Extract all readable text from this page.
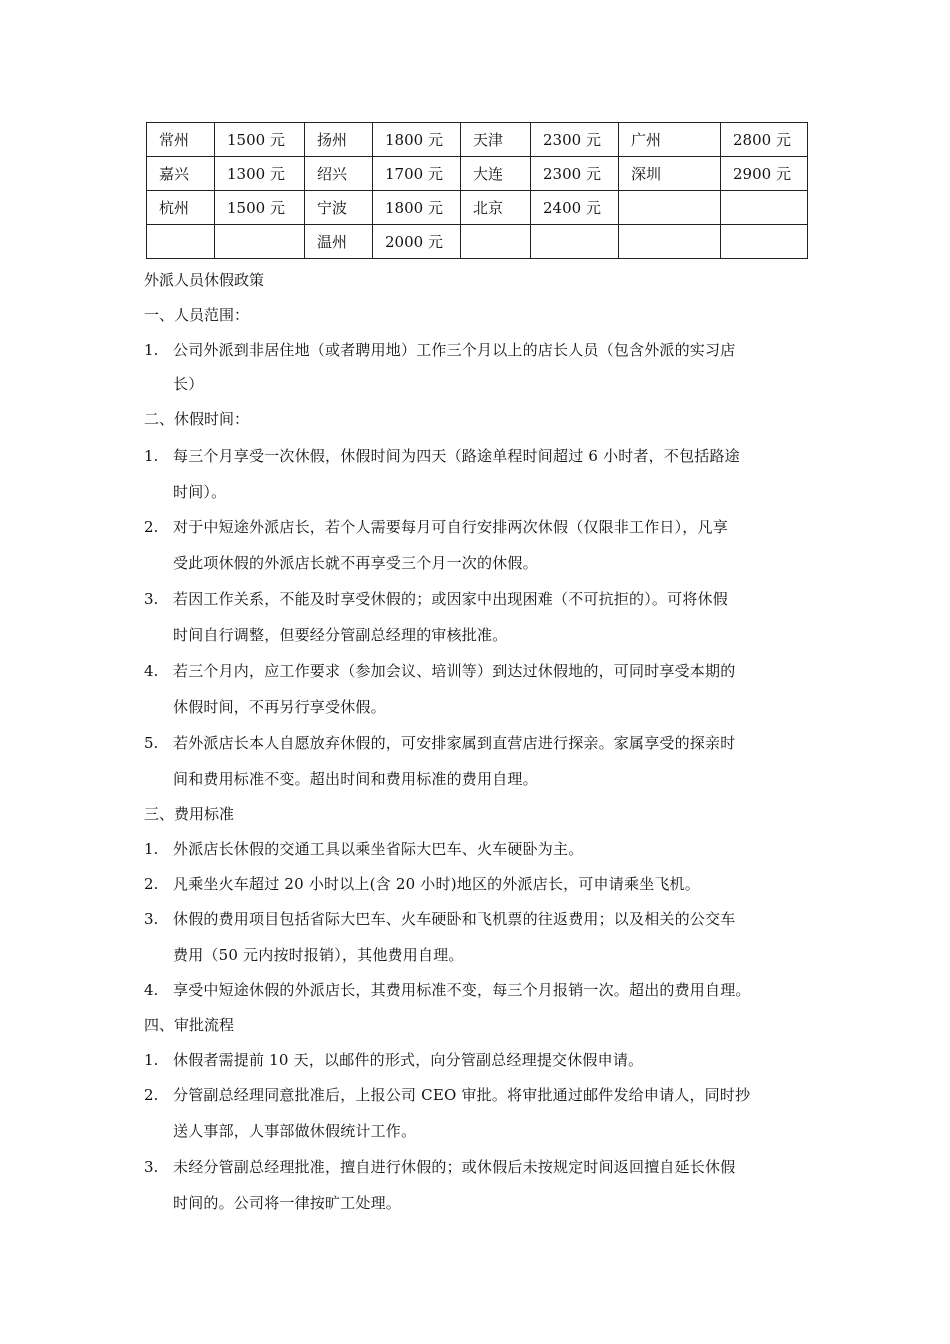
常州	1500 元	扬州	1800 元	天津	2300 元	广州	2800 元
嘉兴	1300 元	绍兴	1700 元	大连	2300 元	深圳	2900 元
杭州	1500 元	宁波	1800 元	北京	2400 元		
		温州	2000 元				
外派人员休假政策
一、人员范围：
1. 公司外派到非居住地（或者聘用地）工作三个月以上的店长人员（包含外派的实习店
长）
二、休假时间：
1. 每三个月享受一次休假，休假时间为四天（路途单程时间超过 6 小时者，不包括路途
时间）。
2. 对于中短途外派店长，若个人需要每月可自行安排两次休假（仅限非工作日），凡享
受此项休假的外派店长就不再享受三个月一次的休假。
3. 若因工作关系，不能及时享受休假的；或因家中出现困难（不可抗拒的）。可将休假
时间自行调整，但要经分管副总经理的审核批准。
4. 若三个月内，应工作要求（参加会议、培训等）到达过休假地的，可同时享受本期的
休假时间，不再另行享受休假。
5. 若外派店长本人自愿放弃休假的，可安排家属到直营店进行探亲。家属享受的探亲时
间和费用标准不变。超出时间和费用标准的费用自理。
三、费用标准
1. 外派店长休假的交通工具以乘坐省际大巴车、火车硬卧为主。
2. 凡乘坐火车超过 20 小时以上(含 20 小时)地区的外派店长，可申请乘坐飞机。
3. 休假的费用项目包括省际大巴车、火车硬卧和飞机票的往返费用；以及相关的公交车
费用（50 元内按时报销），其他费用自理。
4. 享受中短途休假的外派店长，其费用标准不变，每三个月报销一次。超出的费用自理。
四、审批流程
1. 休假者需提前 10 天，以邮件的形式，向分管副总经理提交休假申请。
2. 分管副总经理同意批准后，上报公司 CEO 审批。将审批通过邮件发给申请人，同时抄
送人事部，人事部做休假统计工作。
3. 未经分管副总经理批准，擅自进行休假的；或休假后未按规定时间返回擅自延长休假
时间的。公司将一律按旷工处理。
